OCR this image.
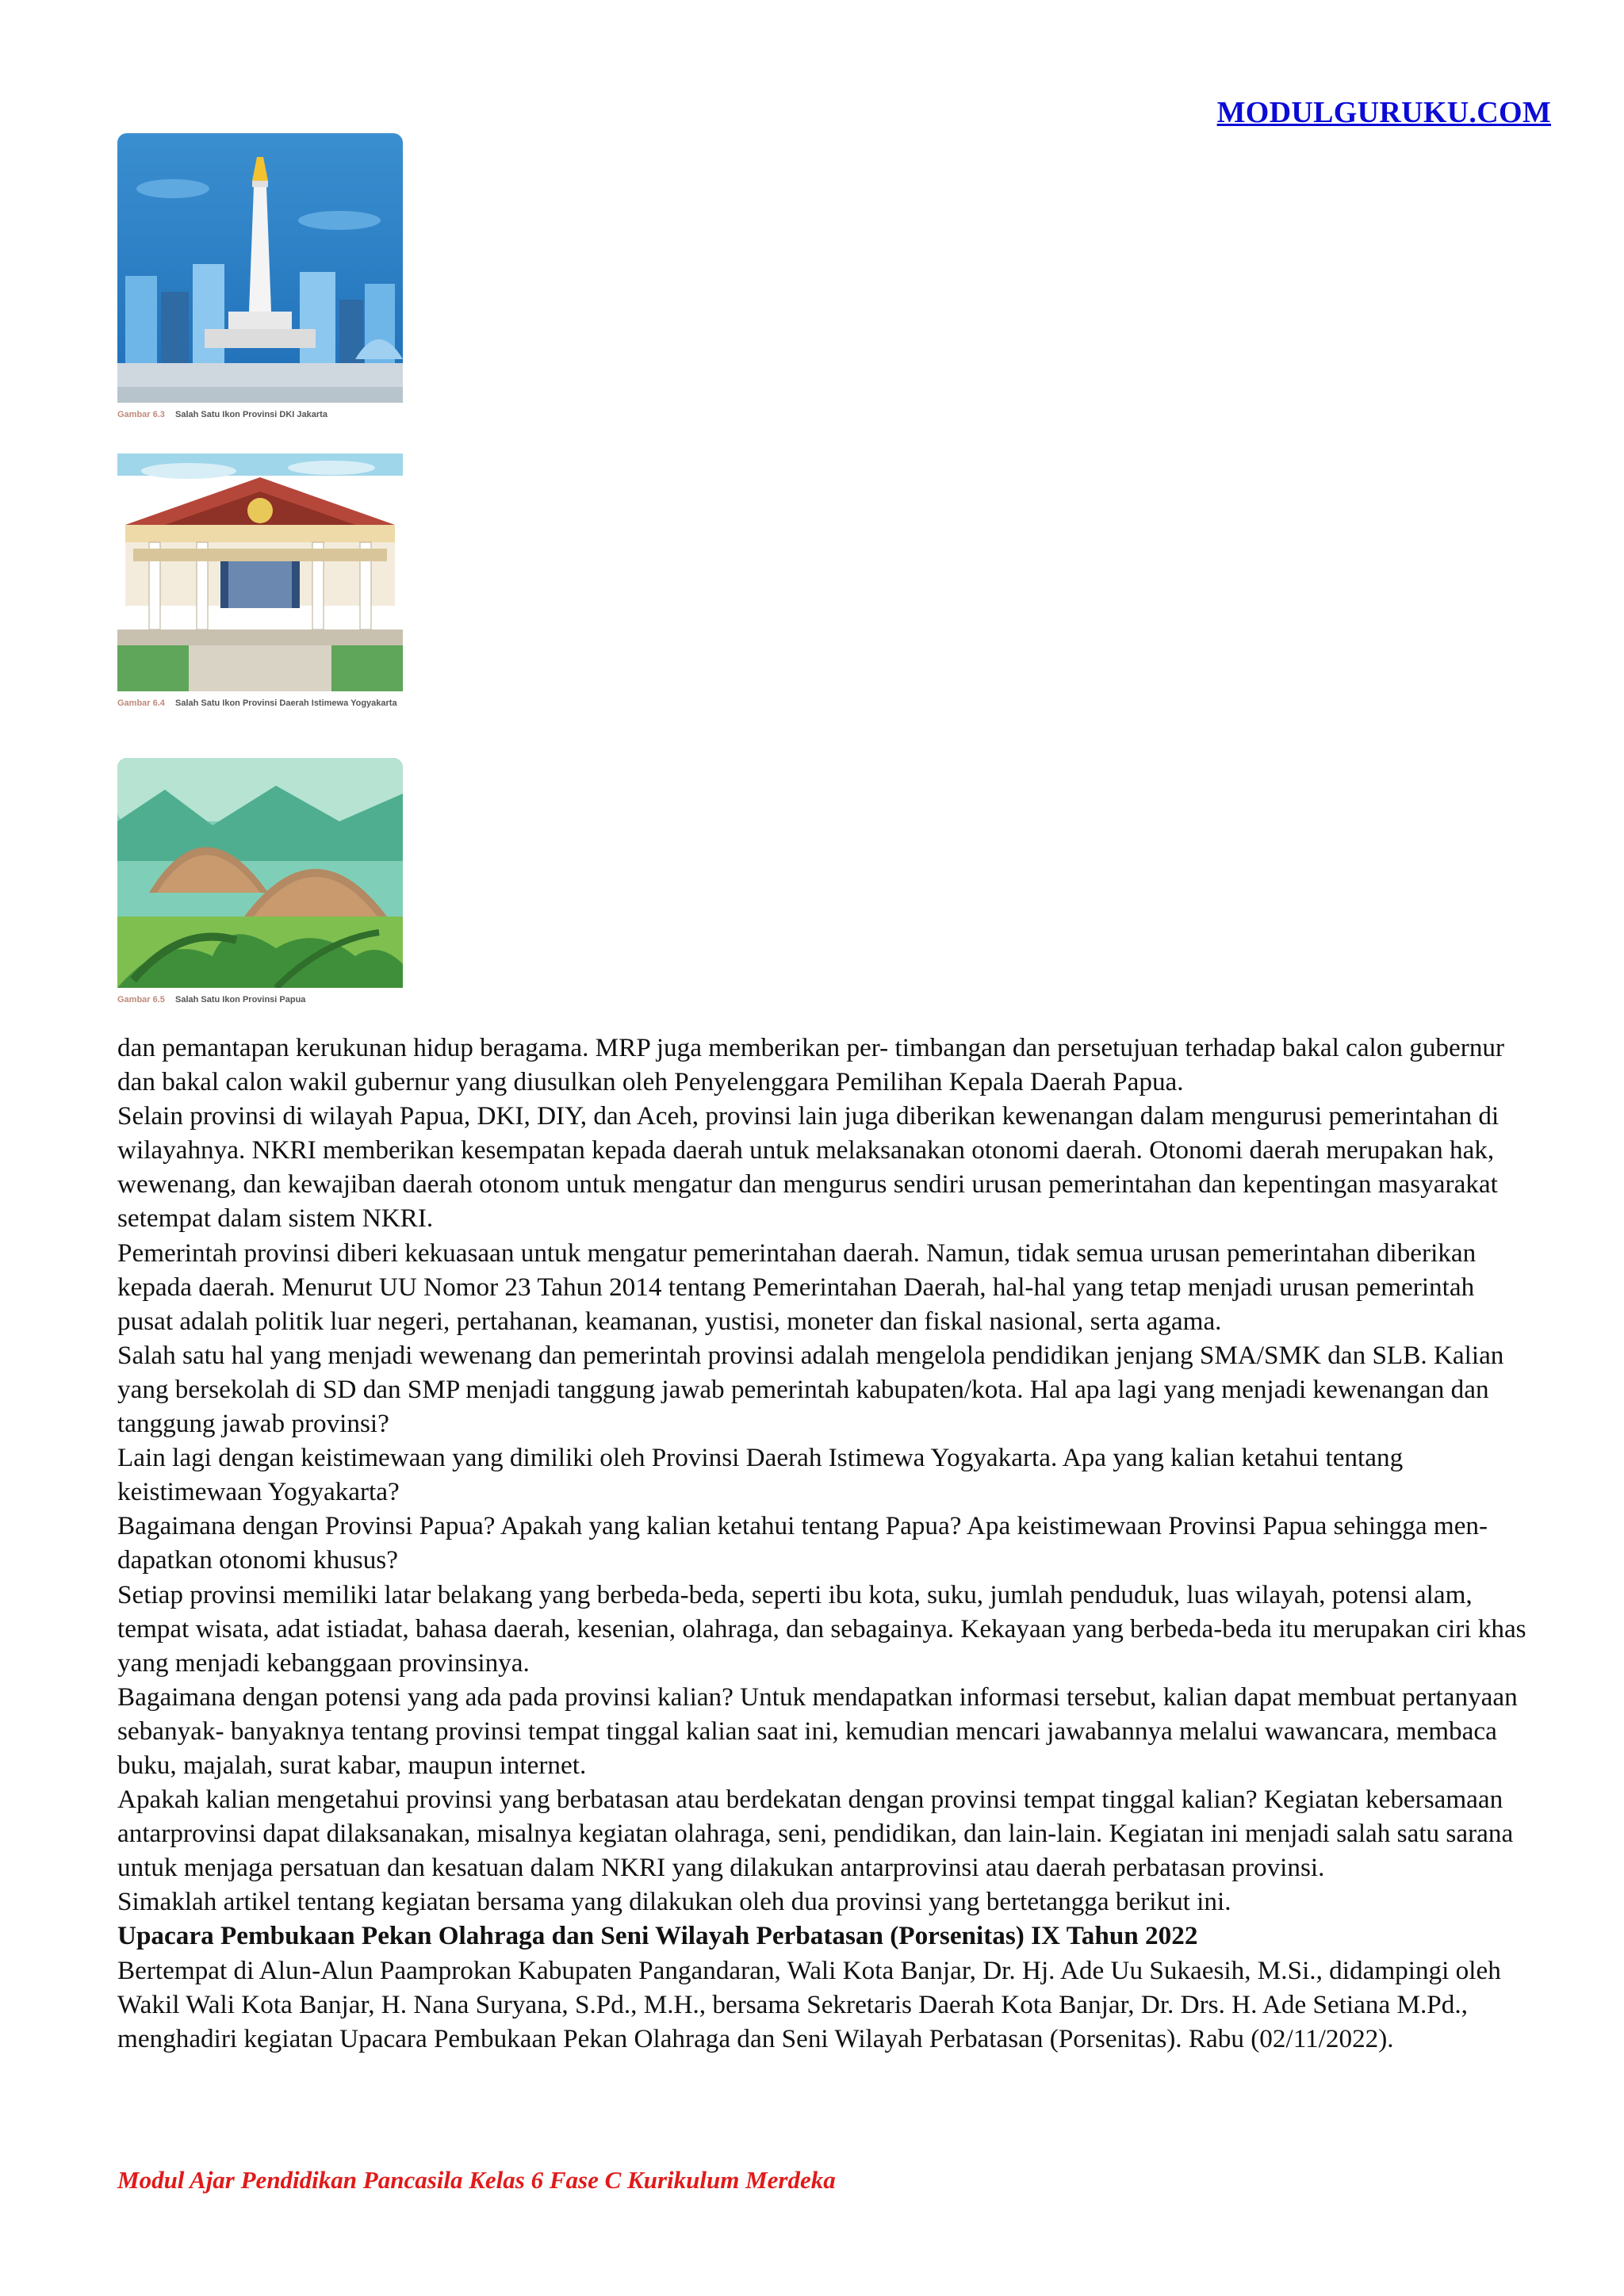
MODULGURUKU.COM
Gambar 6.3 Salah Satu Ikon Provinsi DKI Jakarta
Gambar 6.4 Salah Satu Ikon Provinsi Daerah Istimewa Yogyakarta
Gambar 6.5 Salah Satu Ikon Provinsi Papua

dan pemantapan kerukunan hidup beragama. MRP juga memberikan per- timbangan dan persetujuan terhadap bakal calon gubernur dan bakal calon wakil gubernur yang diusulkan oleh Penyelenggara Pemilihan Kepala Daerah Papua.

Selain provinsi di wilayah Papua, DKI, DIY, dan Aceh, provinsi lain juga diberikan kewenangan dalam mengurusi pemerintahan di wilayahnya. NKRI memberikan kesempatan kepada daerah untuk melaksanakan otonomi daerah. Otonomi daerah merupakan hak, wewenang, dan kewajiban daerah otonom untuk mengatur dan mengurus sendiri urusan pemerintahan dan kepentingan masyarakat setempat dalam sistem NKRI.

Pemerintah provinsi diberi kekuasaan untuk mengatur pemerintahan daerah. Namun, tidak semua urusan pemerintahan diberikan kepada daerah. Menurut UU Nomor 23 Tahun 2014 tentang Pemerintahan Daerah, hal-hal yang tetap menjadi urusan pemerintah pusat adalah politik luar negeri, pertahanan, keamanan, yustisi, moneter dan fiskal nasional, serta agama.

Salah satu hal yang menjadi wewenang dan pemerintah provinsi adalah mengelola pendidikan jenjang SMA/SMK dan SLB. Kalian yang bersekolah di SD dan SMP menjadi tanggung jawab pemerintah kabupaten/kota. Hal apa lagi yang menjadi kewenangan dan tanggung jawab provinsi?

Lain lagi dengan keistimewaan yang dimiliki oleh Provinsi Daerah Istimewa Yogyakarta. Apa yang kalian ketahui tentang keistimewaan Yogyakarta?

Bagaimana dengan Provinsi Papua? Apakah yang kalian ketahui tentang Papua? Apa keistimewaan Provinsi Papua sehingga men-dapatkan otonomi khusus?

Setiap provinsi memiliki latar belakang yang berbeda-beda, seperti ibu kota, suku, jumlah penduduk, luas wilayah, potensi alam, tempat wisata, adat istiadat, bahasa daerah, kesenian, olahraga, dan sebagainya. Kekayaan yang berbeda-beda itu merupakan ciri khas yang menjadi kebanggaan provinsinya.

Bagaimana dengan potensi yang ada pada provinsi kalian? Untuk mendapatkan informasi tersebut, kalian dapat membuat pertanyaan sebanyak- banyaknya tentang provinsi tempat tinggal kalian saat ini, kemudian mencari jawabannya melalui wawancara, membaca buku, majalah, surat kabar, maupun internet.

Apakah kalian mengetahui provinsi yang berbatasan atau berdekatan dengan provinsi tempat tinggal kalian? Kegiatan kebersamaan antarprovinsi dapat dilaksanakan, misalnya kegiatan olahraga, seni, pendidikan, dan lain-lain. Kegiatan ini menjadi salah satu sarana untuk menjaga persatuan dan kesatuan dalam NKRI yang dilakukan antarprovinsi atau daerah perbatasan provinsi.

Simaklah artikel tentang kegiatan bersama yang dilakukan oleh dua provinsi yang bertetangga berikut ini.

Upacara Pembukaan Pekan Olahraga dan Seni Wilayah Perbatasan (Porsenitas) IX Tahun 2022

Bertempat di Alun-Alun Paamprokan Kabupaten Pangandaran, Wali Kota Banjar, Dr. Hj. Ade Uu Sukaesih, M.Si., didampingi oleh Wakil Wali Kota Banjar, H. Nana Suryana, S.Pd., M.H., bersama Sekretaris Daerah Kota Banjar, Dr. Drs. H. Ade Setiana M.Pd., menghadiri kegiatan Upacara Pembukaan Pekan Olahraga dan Seni Wilayah Perbatasan (Porsenitas). Rabu (02/11/2022).

Modul Ajar Pendidikan Pancasila Kelas 6 Fase C Kurikulum Merdeka
